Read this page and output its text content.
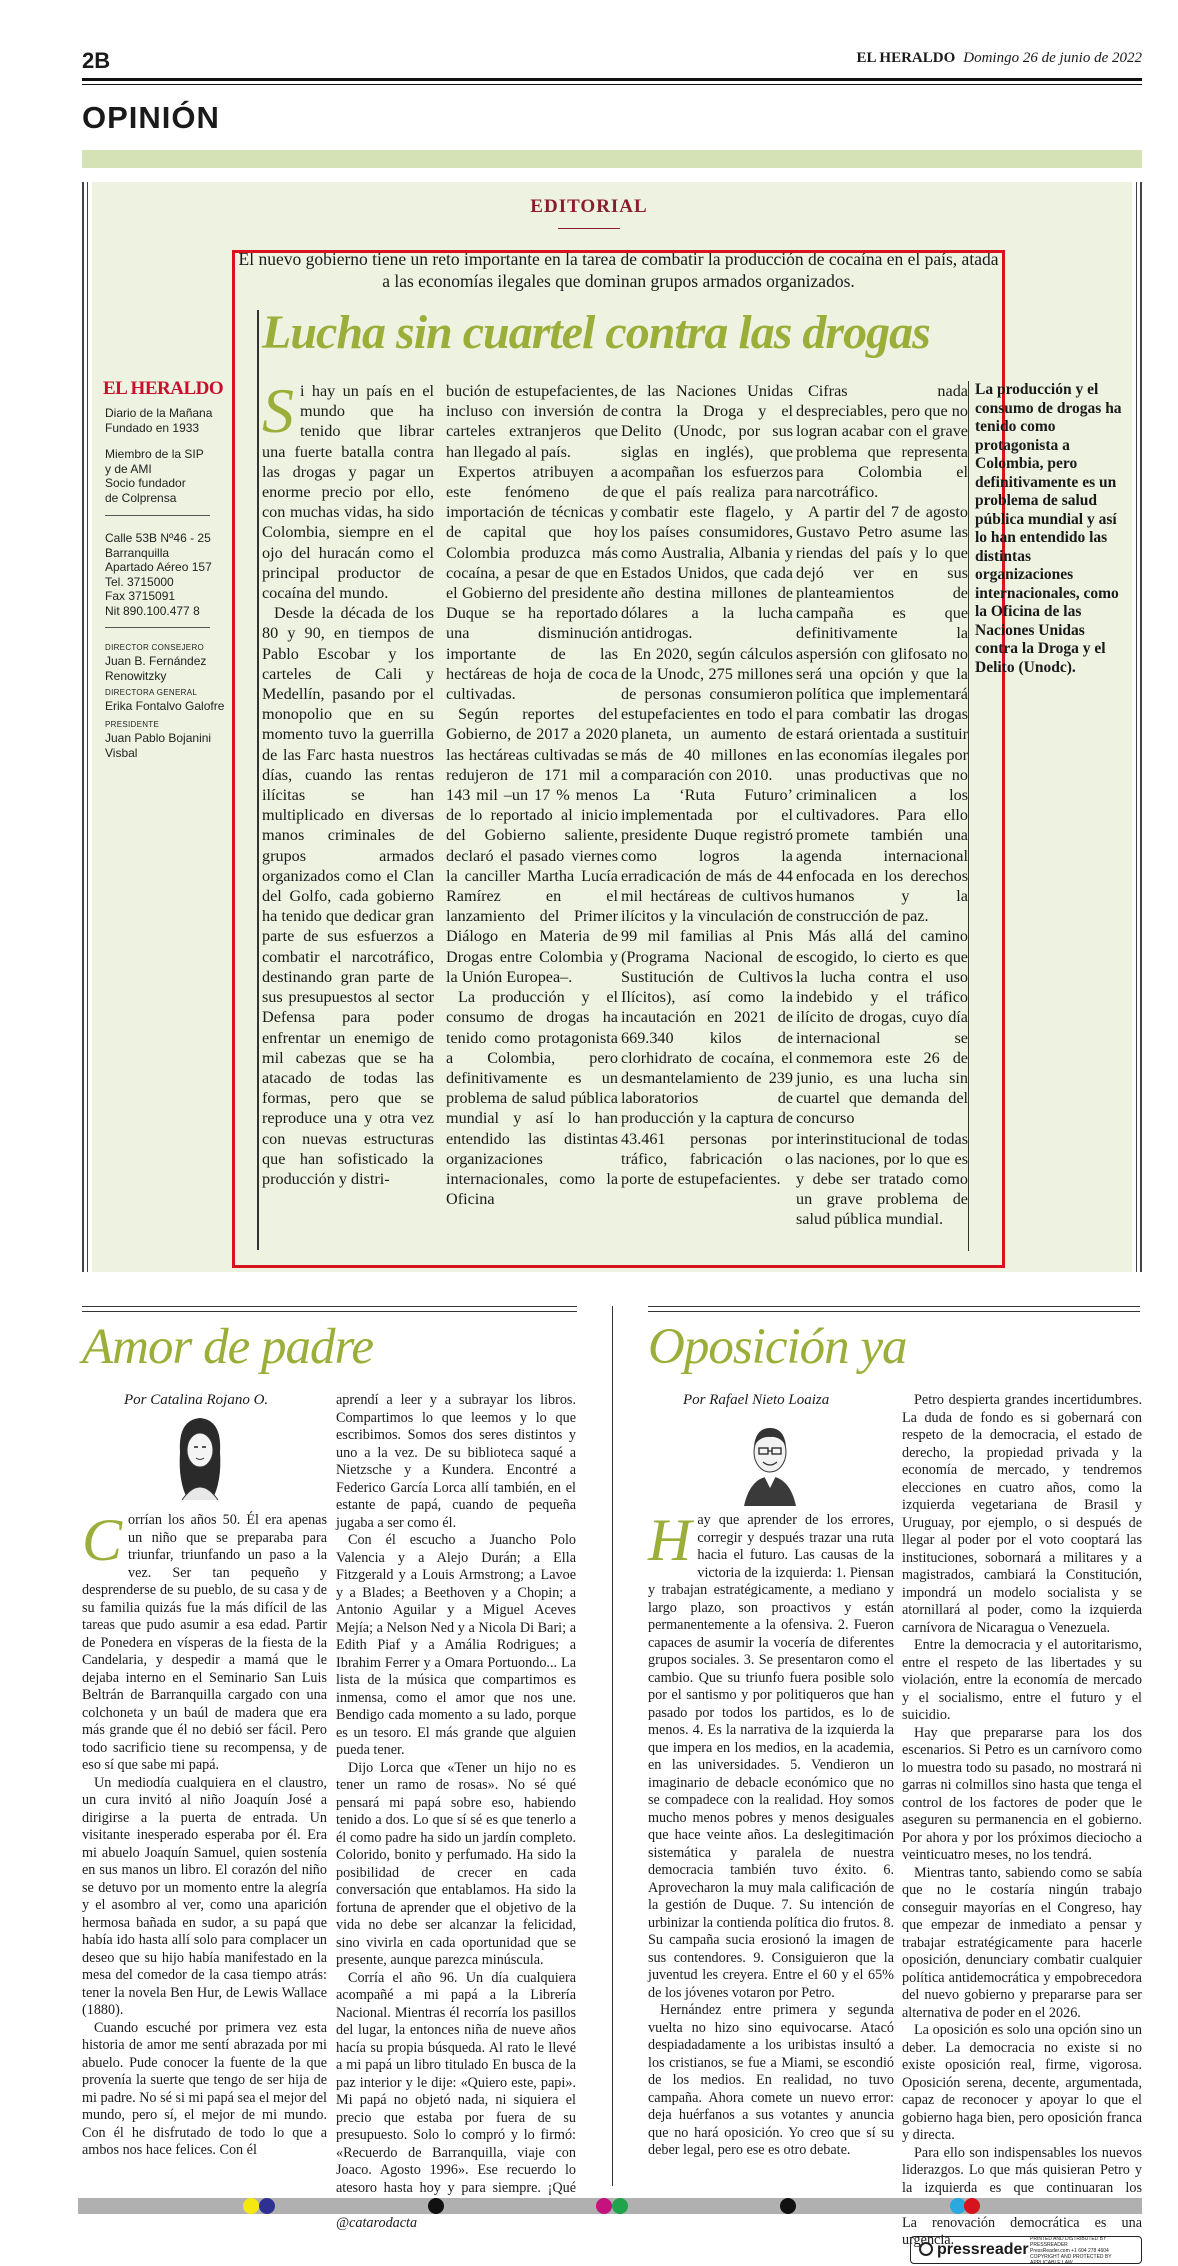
2B	EL HERALDO Domingo 26 de junio de 2022
OPINIÓN
EDITORIAL
El nuevo gobierno tiene un reto importante en la tarea de combatir la producción de cocaína en el país, atada a las economías ilegales que dominan grupos armados organizados.
Lucha sin cuartel contra las drogas
EL HERALDO
Diario de la Mañana
Fundado en 1933
Miembro de la SIP
y de AMI
Socio fundador
de Colprensa
Calle 53B Nº46 - 25
Barranquilla
Apartado Aéreo 157
Tel. 3715000
Fax 3715091
Nit 890.100.477 8
DIRECTOR CONSEJERO
Juan B. Fernández Renowitzky
DIRECTORA GENERAL
Erika Fontalvo Galofre
PRESIDENTE
Juan Pablo Bojanini Visbal

Si hay un país en el mundo que ha tenido que librar una fuerte batalla contra las drogas y pagar un enorme precio por ello, con muchas vidas, ha sido Colombia, siempre en el ojo del huracán como el principal productor de cocaína del mundo.

Desde la década de los 80 y 90, en tiempos de Pablo Escobar y los carteles de Cali y Medellín, pasando por el monopolio que en su momento tuvo la guerrilla de las Farc hasta nuestros días, cuando las rentas ilícitas se han multiplicado en diversas manos criminales de grupos armados organizados como el Clan del Golfo, cada gobierno ha tenido que dedicar gran parte de sus esfuerzos a combatir el narcotráfico, destinando gran parte de sus presupuestos al sector Defensa para poder enfrentar un enemigo de mil cabezas que se ha atacado de todas las formas, pero que se reproduce una y otra vez con nuevas estructuras que han sofisticado la producción y distri-

bución de estupefacientes, incluso con inversión de carteles extranjeros que han llegado al país.

Expertos atribuyen a este fenómeno de importación de técnicas y de capital que hoy Colombia produzca más cocaína, a pesar de que en el Gobierno del presidente Duque se ha reportado una disminución importante de las hectáreas de hoja de coca cultivadas.

Según reportes del Gobierno, de 2017 a 2020 las hectáreas cultivadas se redujeron de 171 mil a 143 mil –un 17 % menos de lo reportado al inicio del Gobierno saliente, declaró el pasado viernes la canciller Martha Lucía Ramírez en el lanzamiento del Primer Diálogo en Materia de Drogas entre Colombia y la Unión Europea–.

La producción y el consumo de drogas ha tenido como protagonista a Colombia, pero definitivamente es un problema de salud pública mundial y así lo han entendido las distintas organizaciones internacionales, como la Oficina

de las Naciones Unidas contra la Droga y el Delito (Unodc, por sus siglas en inglés), que acompañan los esfuerzos que el país realiza para combatir este flagelo, y los países consumidores, como Australia, Albania y Estados Unidos, que cada año destina millones de dólares a la lucha antidrogas.

En 2020, según cálculos de la Unodc, 275 millones de personas consumieron estupefacientes en todo el planeta, un aumento de más de 40 millones en comparación con 2010.

La ‘Ruta Futuro’ implementada por el presidente Duque registró como logros la erradicación de más de 44 mil hectáreas de cultivos ilícitos y la vinculación de 99 mil familias al Pnis (Programa Nacional de Sustitución de Cultivos Ilícitos), así como la incautación en 2021 de 669.340 kilos de clorhidrato de cocaína, el desmantelamiento de 239 laboratorios de producción y la captura de 43.461 personas por tráfico, fabricación o porte de estupefacientes.

Cifras nada despreciables, pero que no logran acabar con el grave problema que representa para Colombia el narcotráfico.

A partir del 7 de agosto Gustavo Petro asume las riendas del país y lo que dejó ver en sus planteamientos de campaña es que definitivamente la aspersión con glifosato no será una opción y que la política que implementará para combatir las drogas estará orientada a sustituir las economías ilegales por unas productivas que no criminalicen a los cultivadores. Para ello promete también una agenda internacional enfocada en los derechos humanos y la construcción de paz.

Más allá del camino escogido, lo cierto es que la lucha contra el uso indebido y el tráfico ilícito de drogas, cuyo día internacional se conmemora este 26 de junio, es una lucha sin cuartel que demanda del concurso interinstitucional de todas las naciones, por lo que es y debe ser tratado como un grave problema de salud pública mundial.

La producción y el consumo de drogas ha tenido como protagonista a Colombia, pero definitivamente es un problema de salud pública mundial y así lo han entendido las distintas organizaciones internacionales, como la Oficina de las Naciones Unidas contra la Droga y el Delito (Unodc).
Amor de padre
Por Catalina Rojano O.

Corrían los años 50. Él era apenas un niño que se preparaba para triunfar, triunfando un paso a la vez. Ser tan pequeño y desprenderse de su pueblo, de su casa y de su familia quizás fue la más difícil de las tareas que pudo asumir a esa edad. Partir de Ponedera en vísperas de la fiesta de la Candelaria, y despedir a mamá que le dejaba interno en el Seminario San Luis Beltrán de Barranquilla cargado con una colchoneta y un baúl de madera que era más grande que él no debió ser fácil. Pero todo sacrificio tiene su recompensa, y de eso sí que sabe mi papá.

Un mediodía cualquiera en el claustro, un cura invitó al niño Joaquín José a dirigirse a la puerta de entrada. Un visitante inesperado esperaba por él. Era mi abuelo Joaquín Samuel, quien sostenía en sus manos un libro. El corazón del niño se detuvo por un momento entre la alegría y el asombro al ver, como una aparición hermosa bañada en sudor, a su papá que había ido hasta allí solo para complacer un deseo que su hijo había manifestado en la mesa del comedor de la casa tiempo atrás: tener la novela Ben Hur, de Lewis Wallace (1880).

Cuando escuché por primera vez esta historia de amor me sentí abrazada por mi abuelo. Pude conocer la fuente de la que provenía la suerte que tengo de ser hija de mi padre. No sé si mi papá sea el mejor del mundo, pero sí, el mejor de mi mundo. Con él he disfrutado de todo lo que a ambos nos hace felices. Con él

aprendí a leer y a subrayar los libros. Compartimos lo que leemos y lo que escribimos. Somos dos seres distintos y uno a la vez. De su biblioteca saqué a Nietzsche y a Kundera. Encontré a Federico García Lorca allí también, en el estante de papá, cuando de pequeña jugaba a ser como él.

Con él escucho a Juancho Polo Valencia y a Alejo Durán; a Ella Fitzgerald y a Louis Armstrong; a Lavoe y a Blades; a Beethoven y a Chopin; a Antonio Aguilar y a Miguel Aceves Mejía; a Nelson Ned y a Nicola Di Bari; a Edith Piaf y a Amália Rodrigues; a Ibrahim Ferrer y a Omara Portuondo... La lista de la música que compartimos es inmensa, como el amor que nos une. Bendigo cada momento a su lado, porque es un tesoro. El más grande que alguien pueda tener.

Dijo Lorca que «Tener un hijo no es tener un ramo de rosas». No sé qué pensará mi papá sobre eso, habiendo tenido a dos. Lo que sí sé es que tenerlo a él como padre ha sido un jardín completo. Colorido, bonito y perfumado. Ha sido la posibilidad de crecer en cada conversación que entablamos. Ha sido la fortuna de aprender que el objetivo de la vida no debe ser alcanzar la felicidad, sino vivirla en cada oportunidad que se presente, aunque parezca minúscula.

Corría el año 96. Un día cualquiera acompañé a mi papá a la Librería Nacional. Mientras él recorría los pasillos del lugar, la entonces niña de nueve años hacía su propia búsqueda. Al rato le llevé a mi papá un libro titulado En busca de la paz interior y le dije: «Quiero este, papi». Mi papá no objetó nada, ni siquiera el precio que estaba por fuera de su presupuesto. Solo lo compró y lo firmó: «Recuerdo de Barranquilla, viaje con Joaco. Agosto 1996». Ese recuerdo lo atesoro hasta hoy y para siempre. ¡Qué

@catarodacta

Oposición ya
Por Rafael Nieto Loaiza

Hay que aprender de los errores, corregir y después trazar una ruta hacia el futuro. Las causas de la victoria de la izquierda: 1. Piensan y trabajan estratégicamente, a mediano y largo plazo, son proactivos y están permanentemente a la ofensiva. 2. Fueron capaces de asumir la vocería de diferentes grupos sociales. 3. Se presentaron como el cambio. Que su triunfo fuera posible solo por el santismo y por politiqueros que han pasado por todos los partidos, es lo de menos. 4. Es la narrativa de la izquierda la que impera en los medios, en la academia, en las universidades. 5. Vendieron un imaginario de debacle económico que no se compadece con la realidad. Hoy somos mucho menos pobres y menos desiguales que hace veinte años. La deslegitimación sistemática y paralela de nuestra democracia también tuvo éxito. 6. Aprovecharon la muy mala calificación de la gestión de Duque. 7. Su intención de urbinizar la contienda política dio frutos. 8. Su campaña sucia erosionó la imagen de sus contendores. 9. Consiguieron que la juventud les creyera. Entre el 60 y el 65% de los jóvenes votaron por Petro.

Hernández entre primera y segunda vuelta no hizo sino equivocarse. Atacó despiadadamente a los uribistas insultó a los cristianos, se fue a Miami, se escondió de los medios. En realidad, no tuvo campaña. Ahora comete un nuevo error: deja huérfanos a sus votantes y anuncia que no hará oposición. Yo creo que sí su deber legal, pero ese es otro debate.

Petro despierta grandes incertidumbres. La duda de fondo es si gobernará con respeto de la democracia, el estado de derecho, la propiedad privada y la economía de mercado, y tendremos elecciones en cuatro años, como la izquierda vegetariana de Brasil y Uruguay, por ejemplo, o si después de llegar al poder por el voto cooptará las instituciones, sobornará a militares y a magistrados, cambiará la Constitución, impondrá un modelo socialista y se atornillará al poder, como la izquierda carnívora de Nicaragua o Venezuela.

Entre la democracia y el autoritarismo, entre el respeto de las libertades y su violación, entre la economía de mercado y el socialismo, entre el futuro y el suicidio.

Hay que prepararse para los dos escenarios. Si Petro es un carnívoro como lo muestra todo su pasado, no mostrará ni garras ni colmillos sino hasta que tenga el control de los factores de poder que le aseguren su permanencia en el gobierno. Por ahora y por los próximos dieciocho a veinticuatro meses, no los tendrá.

Mientras tanto, sabiendo como se sabía que no le costaría ningún trabajo conseguir mayorías en el Congreso, hay que empezar de inmediato a pensar y trabajar estratégicamente para hacerle oposición, denunciary combatir cualquier política antidemocrática y empobrecedora del nuevo gobierno y prepararse para ser alternativa de poder en el 2026.

La oposición es solo una opción sino un deber. La democracia no existe si no existe oposición real, firme, vigorosa. Oposición serena, decente, argumentada, capaz de reconocer y apoyar lo que el gobierno haga bien, pero oposición franca y directa.

Para ello son indispensables los nuevos liderazgos. Lo que más quisieran Petro y la izquierda es que continuaran los La renovación democrática es una urgencia.

pressreader
PRINTED AND DISTRIBUTED BY PRESSREADER
PressReader.com +1 604 278 4604
COPYRIGHT AND PROTECTED BY APPLICABLE LAW
